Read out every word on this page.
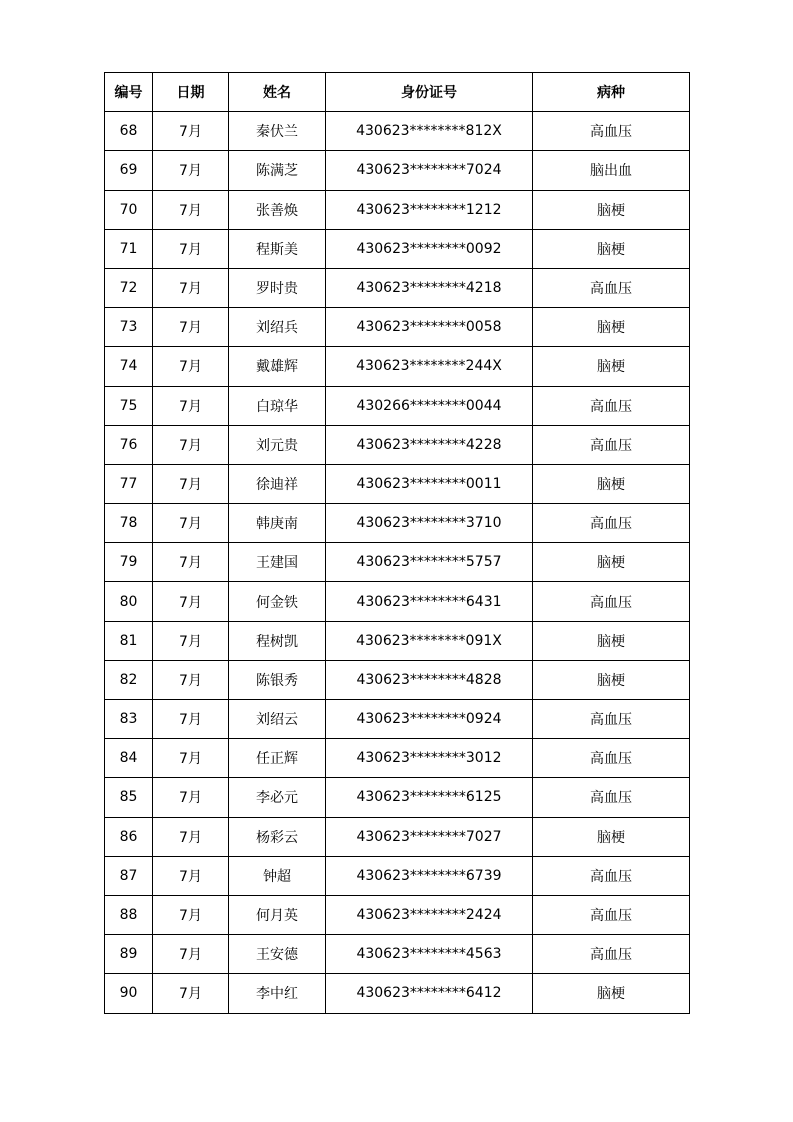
编号	日期	姓名	身份证号	病种
68	7月	秦伏兰	430623********812X	高血压
69	7月	陈满芝	430623********7024	脑出血
70	7月	张善焕	430623********1212	脑梗
71	7月	程斯美	430623********0092	脑梗
72	7月	罗时贵	430623********4218	高血压
73	7月	刘绍兵	430623********0058	脑梗
74	7月	戴雄辉	430623********244X	脑梗
75	7月	白琼华	430266********0044	高血压
76	7月	刘元贵	430623********4228	高血压
77	7月	徐迪祥	430623********0011	脑梗
78	7月	韩庚南	430623********3710	高血压
79	7月	王建国	430623********5757	脑梗
80	7月	何金铁	430623********6431	高血压
81	7月	程树凯	430623********091X	脑梗
82	7月	陈银秀	430623********4828	脑梗
83	7月	刘绍云	430623********0924	高血压
84	7月	任正辉	430623********3012	高血压
85	7月	李必元	430623********6125	高血压
86	7月	杨彩云	430623********7027	脑梗
87	7月	钟超	430623********6739	高血压
88	7月	何月英	430623********2424	高血压
89	7月	王安德	430623********4563	高血压
90	7月	李中红	430623********6412	脑梗
